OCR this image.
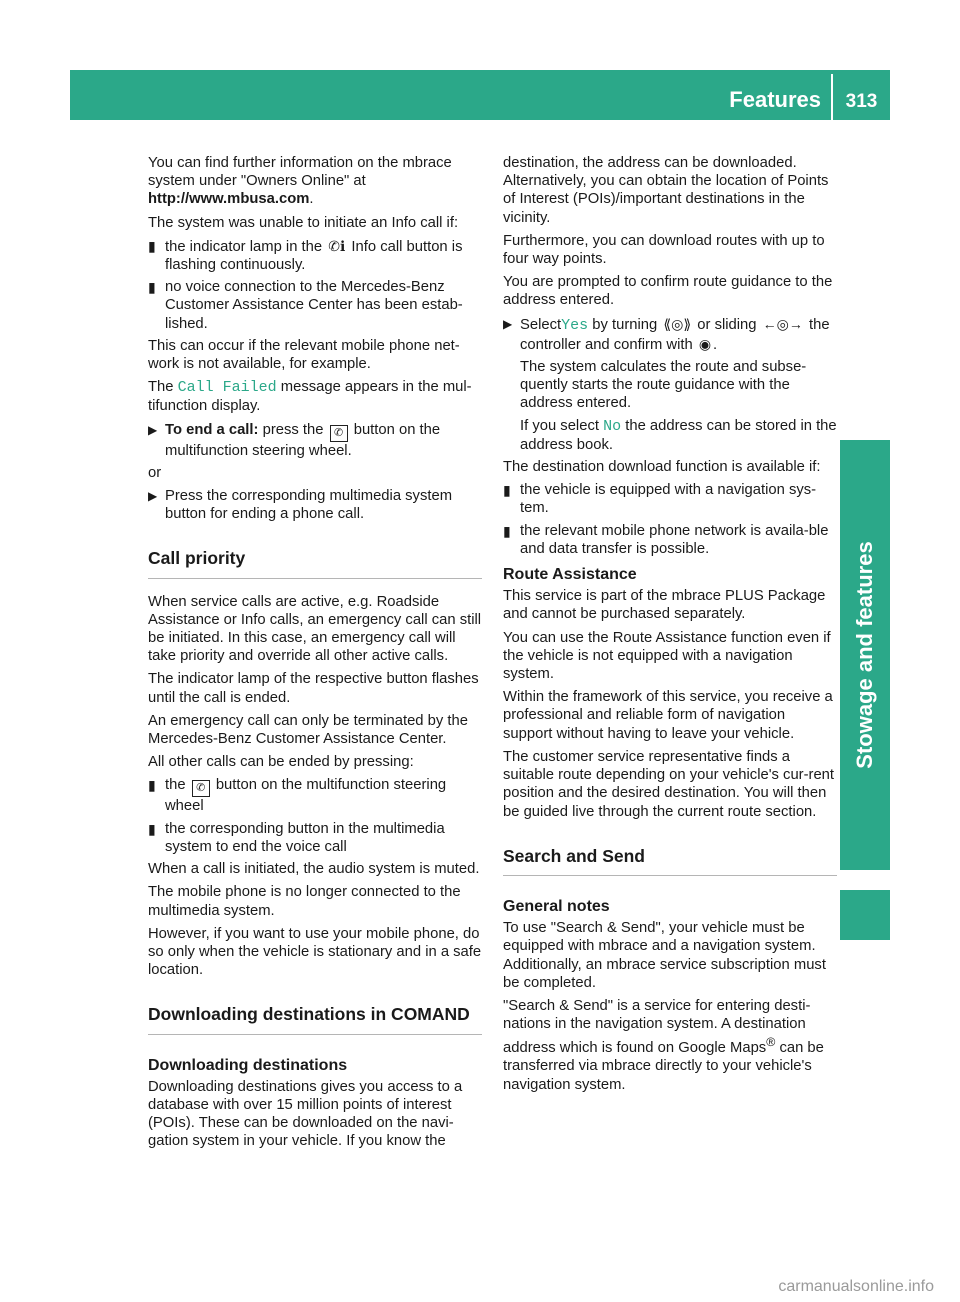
Features	313
Stowage and features

You can find further information on the mbrace system under "Owners Online" at http://www.mbusa.com.

The system was unable to initiate an Info call if:

▮ the indicator lamp in the ✆ℹ Info call button is flashing continuously.
▮ no voice connection to the Mercedes-Benz Customer Assistance Center has been estab-lished.

This can occur if the relevant mobile phone net-work is not available, for example.

The Call Failed message appears in the mul-tifunction display.

▶ To end a call: press the ✆ button on the multifunction steering wheel.

or

▶ Press the corresponding multimedia system button for ending a phone call.
Call priority

When service calls are active, e.g. Roadside Assistance or Info calls, an emergency call can still be initiated. In this case, an emergency call will take priority and override all other active calls.

The indicator lamp of the respective button flashes until the call is ended.

An emergency call can only be terminated by the Mercedes-Benz Customer Assistance Center.

All other calls can be ended by pressing:

▮ the ✆ button on the multifunction steering wheel
▮ the corresponding button in the multimedia system to end the voice call

When a call is initiated, the audio system is muted.

The mobile phone is no longer connected to the multimedia system.

However, if you want to use your mobile phone, do so only when the vehicle is stationary and in a safe location.

Downloading destinations in COMAND
Downloading destinations

Downloading destinations gives you access to a database with over 15 million points of interest (POIs). These can be downloaded on the navi-gation system in your vehicle. If you know the

destination, the address can be downloaded. Alternatively, you can obtain the location of Points of Interest (POIs)/important destinations in the vicinity.

Furthermore, you can download routes with up to four way points.

You are prompted to confirm route guidance to the address entered.

▶ SelectYes by turning ⟪◎⟫ or sliding ←◎→ the controller and confirm with ◉ .

The system calculates the route and subse-quently starts the route guidance with the address entered.

If you select No the address can be stored in the address book.

The destination download function is available if:

▮ the vehicle is equipped with a navigation sys-tem.
▮ the relevant mobile phone network is availa-ble and data transfer is possible.
Route Assistance

This service is part of the mbrace PLUS Package and cannot be purchased separately.

You can use the Route Assistance function even if the vehicle is not equipped with a navigation system.

Within the framework of this service, you receive a professional and reliable form of navigation support without having to leave your vehicle.

The customer service representative finds a suitable route depending on your vehicle's cur-rent position and the desired destination. You will then be guided live through the current route section.

Search and Send
General notes

To use "Search & Send", your vehicle must be equipped with mbrace and a navigation system. Additionally, an mbrace service subscription must be completed.

"Search & Send" is a service for entering desti-nations in the navigation system. A destination address which is found on Google Maps® can be transferred via mbrace directly to your vehicle's navigation system.

carmanualsonline.info
